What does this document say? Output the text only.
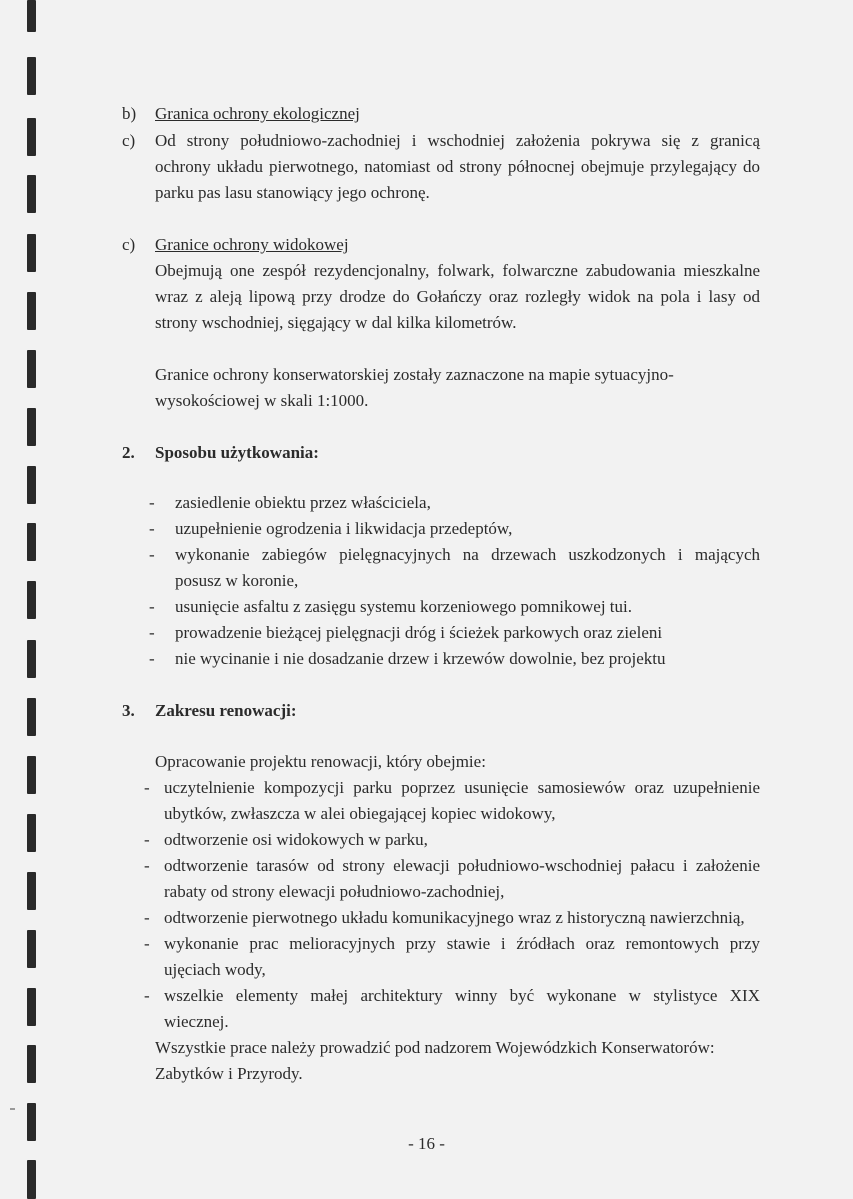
b) Granica ochrony ekologicznej
c) Od strony południowo-zachodniej i wschodniej założenia pokrywa się z granicą
ochrony układu pierwotnego, natomiast od strony północnej obejmuje przylegający do
parku pas lasu stanowiący jego ochronę.
c) Granice ochrony widokowej
Obejmują one zespół rezydencjonalny, folwark, folwarczne zabudowania mieszkalne
wraz z aleją lipową przy drodze do Gołańczy oraz rozległy widok na pola i lasy od
strony wschodniej, sięgający w dal kilka kilometrów.
Granice ochrony konserwatorskiej zostały zaznaczone na mapie sytuacyjno-
wysokościowej w skali 1:1000.
2. Sposobu użytkowania:
- zasiedlenie obiektu przez właściciela,
- uzupełnienie ogrodzenia i likwidacja przedeptów,
- wykonanie zabiegów pielęgnacyjnych na drzewach uszkodzonych i mających
posusz w koronie,
- usunięcie asfaltu z zasięgu systemu korzeniowego pomnikowej tui.
- prowadzenie bieżącej pielęgnacji dróg i ścieżek parkowych oraz zieleni
- nie wycinanie i nie dosadzanie drzew i krzewów dowolnie, bez projektu
3. Zakresu renowacji:
Opracowanie projektu renowacji, który obejmie:
- uczytelnienie kompozycji parku poprzez usunięcie samosiewów oraz uzupełnienie
ubytków, zwłaszcza w alei obiegającej kopiec widokowy,
- odtworzenie osi widokowych w parku,
- odtworzenie tarasów od strony elewacji południowo-wschodniej pałacu i założenie
rabaty od strony elewacji południowo-zachodniej,
- odtworzenie pierwotnego układu komunikacyjnego wraz z historyczną nawierzchnią,
- wykonanie prac melioracyjnych przy stawie i źródłach oraz remontowych przy
ujęciach wody,
- wszelkie elementy małej architektury winny być wykonane w stylistyce XIX
wiecznej.
Wszystkie prace należy prowadzić pod nadzorem Wojewódzkich Konserwatorów:
Zabytków i Przyrody.
- 16 -
